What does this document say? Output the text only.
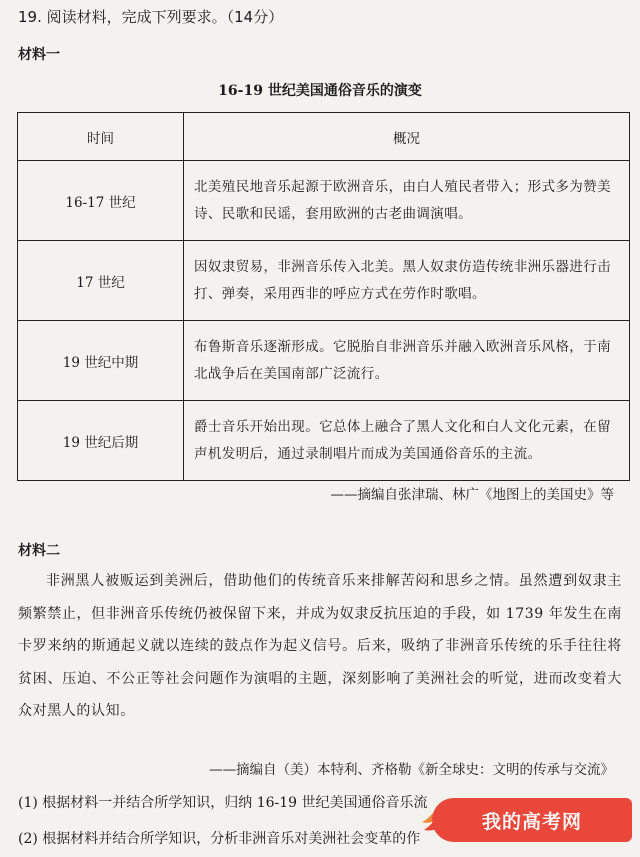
19. 阅读材料，完成下列要求。（14分）
材料一
16-19 世纪美国通俗音乐的演变
时间	概况
16-17 世纪	北美殖民地音乐起源于欧洲音乐，由白人殖民者带入；形式多为赞美诗、民歌和民谣，套用欧洲的古老曲调演唱。
17 世纪	因奴隶贸易，非洲音乐传入北美。黑人奴隶仿造传统非洲乐器进行击打、弹奏，采用西非的呼应方式在劳作时歌唱。
19 世纪中期	布鲁斯音乐逐渐形成。它脱胎自非洲音乐并融入欧洲音乐风格，于南北战争后在美国南部广泛流行。
19 世纪后期	爵士音乐开始出现。它总体上融合了黑人文化和白人文化元素，在留声机发明后，通过录制唱片而成为美国通俗音乐的主流。
——摘编自张津瑞、林广《地图上的美国史》等
材料二
非洲黑人被贩运到美洲后，借助他们的传统音乐来排解苦闷和思乡之情。虽然遭到奴隶主频繁禁止，但非洲音乐传统仍被保留下来，并成为奴隶反抗压迫的手段，如 1739 年发生在南卡罗来纳的斯通起义就以连续的鼓点作为起义信号。后来，吸纳了非洲音乐传统的乐手往往将贫困、压迫、不公正等社会问题作为演唱的主题，深刻影响了美洲社会的听觉，进而改变着大众对黑人的认知。
——摘编自（美）本特利、齐格勒《新全球史：文明的传承与交流》
(1) 根据材料一并结合所学知识，归纳 16-19 世纪美国通俗音乐流
(2) 根据材料并结合所学知识，分析非洲音乐对美洲社会变革的作
我的高考网
